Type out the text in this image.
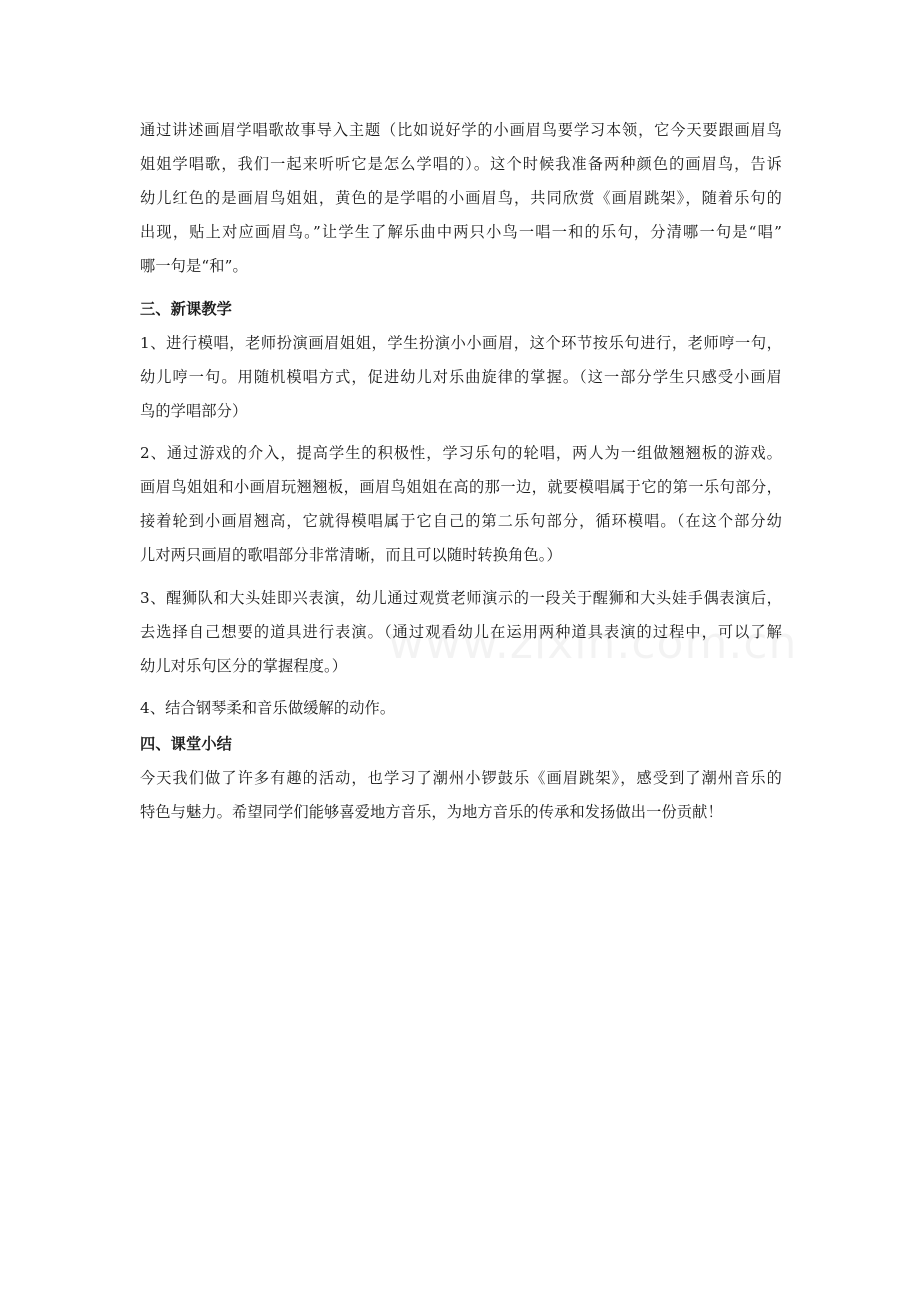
通过讲述画眉学唱歌故事导入主题（比如说好学的小画眉鸟要学习本领，它今天要跟画眉鸟
姐姐学唱歌，我们一起来听听它是怎么学唱的）。这个时候我准备两种颜色的画眉鸟，告诉
幼儿红色的是画眉鸟姐姐，黄色的是学唱的小画眉鸟，共同欣赏《画眉跳架》，随着乐句的
出现，贴上对应画眉鸟。”让学生了解乐曲中两只小鸟一唱一和的乐句，分清哪一句是“唱”
哪一句是“和”。
三、新课教学
1、进行模唱，老师扮演画眉姐姐，学生扮演小小画眉，这个环节按乐句进行，老师哼一句，
幼儿哼一句。用随机模唱方式，促进幼儿对乐曲旋律的掌握。（这一部分学生只感受小画眉
鸟的学唱部分）
2、通过游戏的介入，提高学生的积极性，学习乐句的轮唱，两人为一组做翘翘板的游戏。
画眉鸟姐姐和小画眉玩翘翘板，画眉鸟姐姐在高的那一边，就要模唱属于它的第一乐句部分，
接着轮到小画眉翘高，它就得模唱属于它自己的第二乐句部分，循环模唱。（在这个部分幼
儿对两只画眉的歌唱部分非常清晰，而且可以随时转换角色。）
3、醒狮队和大头娃即兴表演，幼儿通过观赏老师演示的一段关于醒狮和大头娃手偶表演后，
去选择自己想要的道具进行表演。（通过观看幼儿在运用两种道具表演的过程中，可以了解
幼儿对乐句区分的掌握程度。）
4、结合钢琴柔和音乐做缓解的动作。
四、课堂小结
今天我们做了许多有趣的活动，也学习了潮州小锣鼓乐《画眉跳架》，感受到了潮州音乐的
特色与魅力。希望同学们能够喜爱地方音乐，为地方音乐的传承和发扬做出一份贡献！
